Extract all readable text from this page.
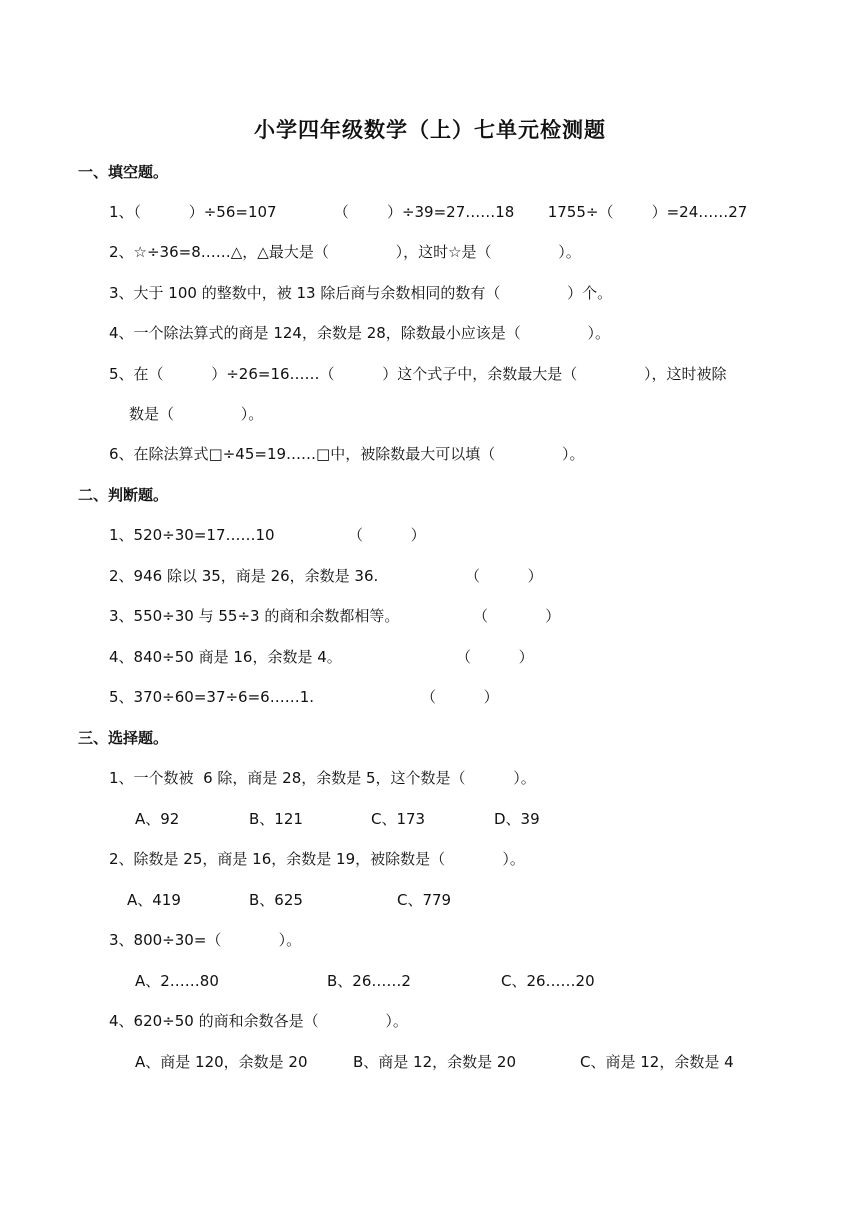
小学四年级数学（上）七单元检测题
一、填空题。
1、（          ）÷56=107            （        ）÷39=27……18       1755÷（        ）=24……27
2、☆÷36=8……△，△最大是（              ），这时☆是（              ）。
3、大于 100 的整数中，被 13 除后商与余数相同的数有（              ）个。
4、一个除法算式的商是 124，余数是 28，除数最小应该是（              ）。
5、在（          ）÷26=16……（          ）这个式子中，余数最大是（              ），这时被除
数是（              ）。
6、在除法算式□÷45=19……□中，被除数最大可以填（              ）。
二、判断题。
1、520÷30=17……10	（          ）
2、946 除以 35，商是 26，余数是 36.	（          ）
3、550÷30 与 55÷3 的商和余数都相等。	（            ）
4、840÷50 商是 16，余数是 4。	（          ）
5、370÷60=37÷6=6……1.	（          ）
三、选择题。
1、一个数被  6 除，商是 28，余数是 5，这个数是（          ）。
A、92	B、121	C、173	D、39
2、除数是 25，商是 16，余数是 19，被除数是（            ）。
A、419	B、625	C、779
3、800÷30=（            ）。
A、2……80	B、26……2	C、26……20
4、620÷50 的商和余数各是（              ）。
A、商是 120，余数是 20	B、商是 12，余数是 20	C、商是 12，余数是 4
